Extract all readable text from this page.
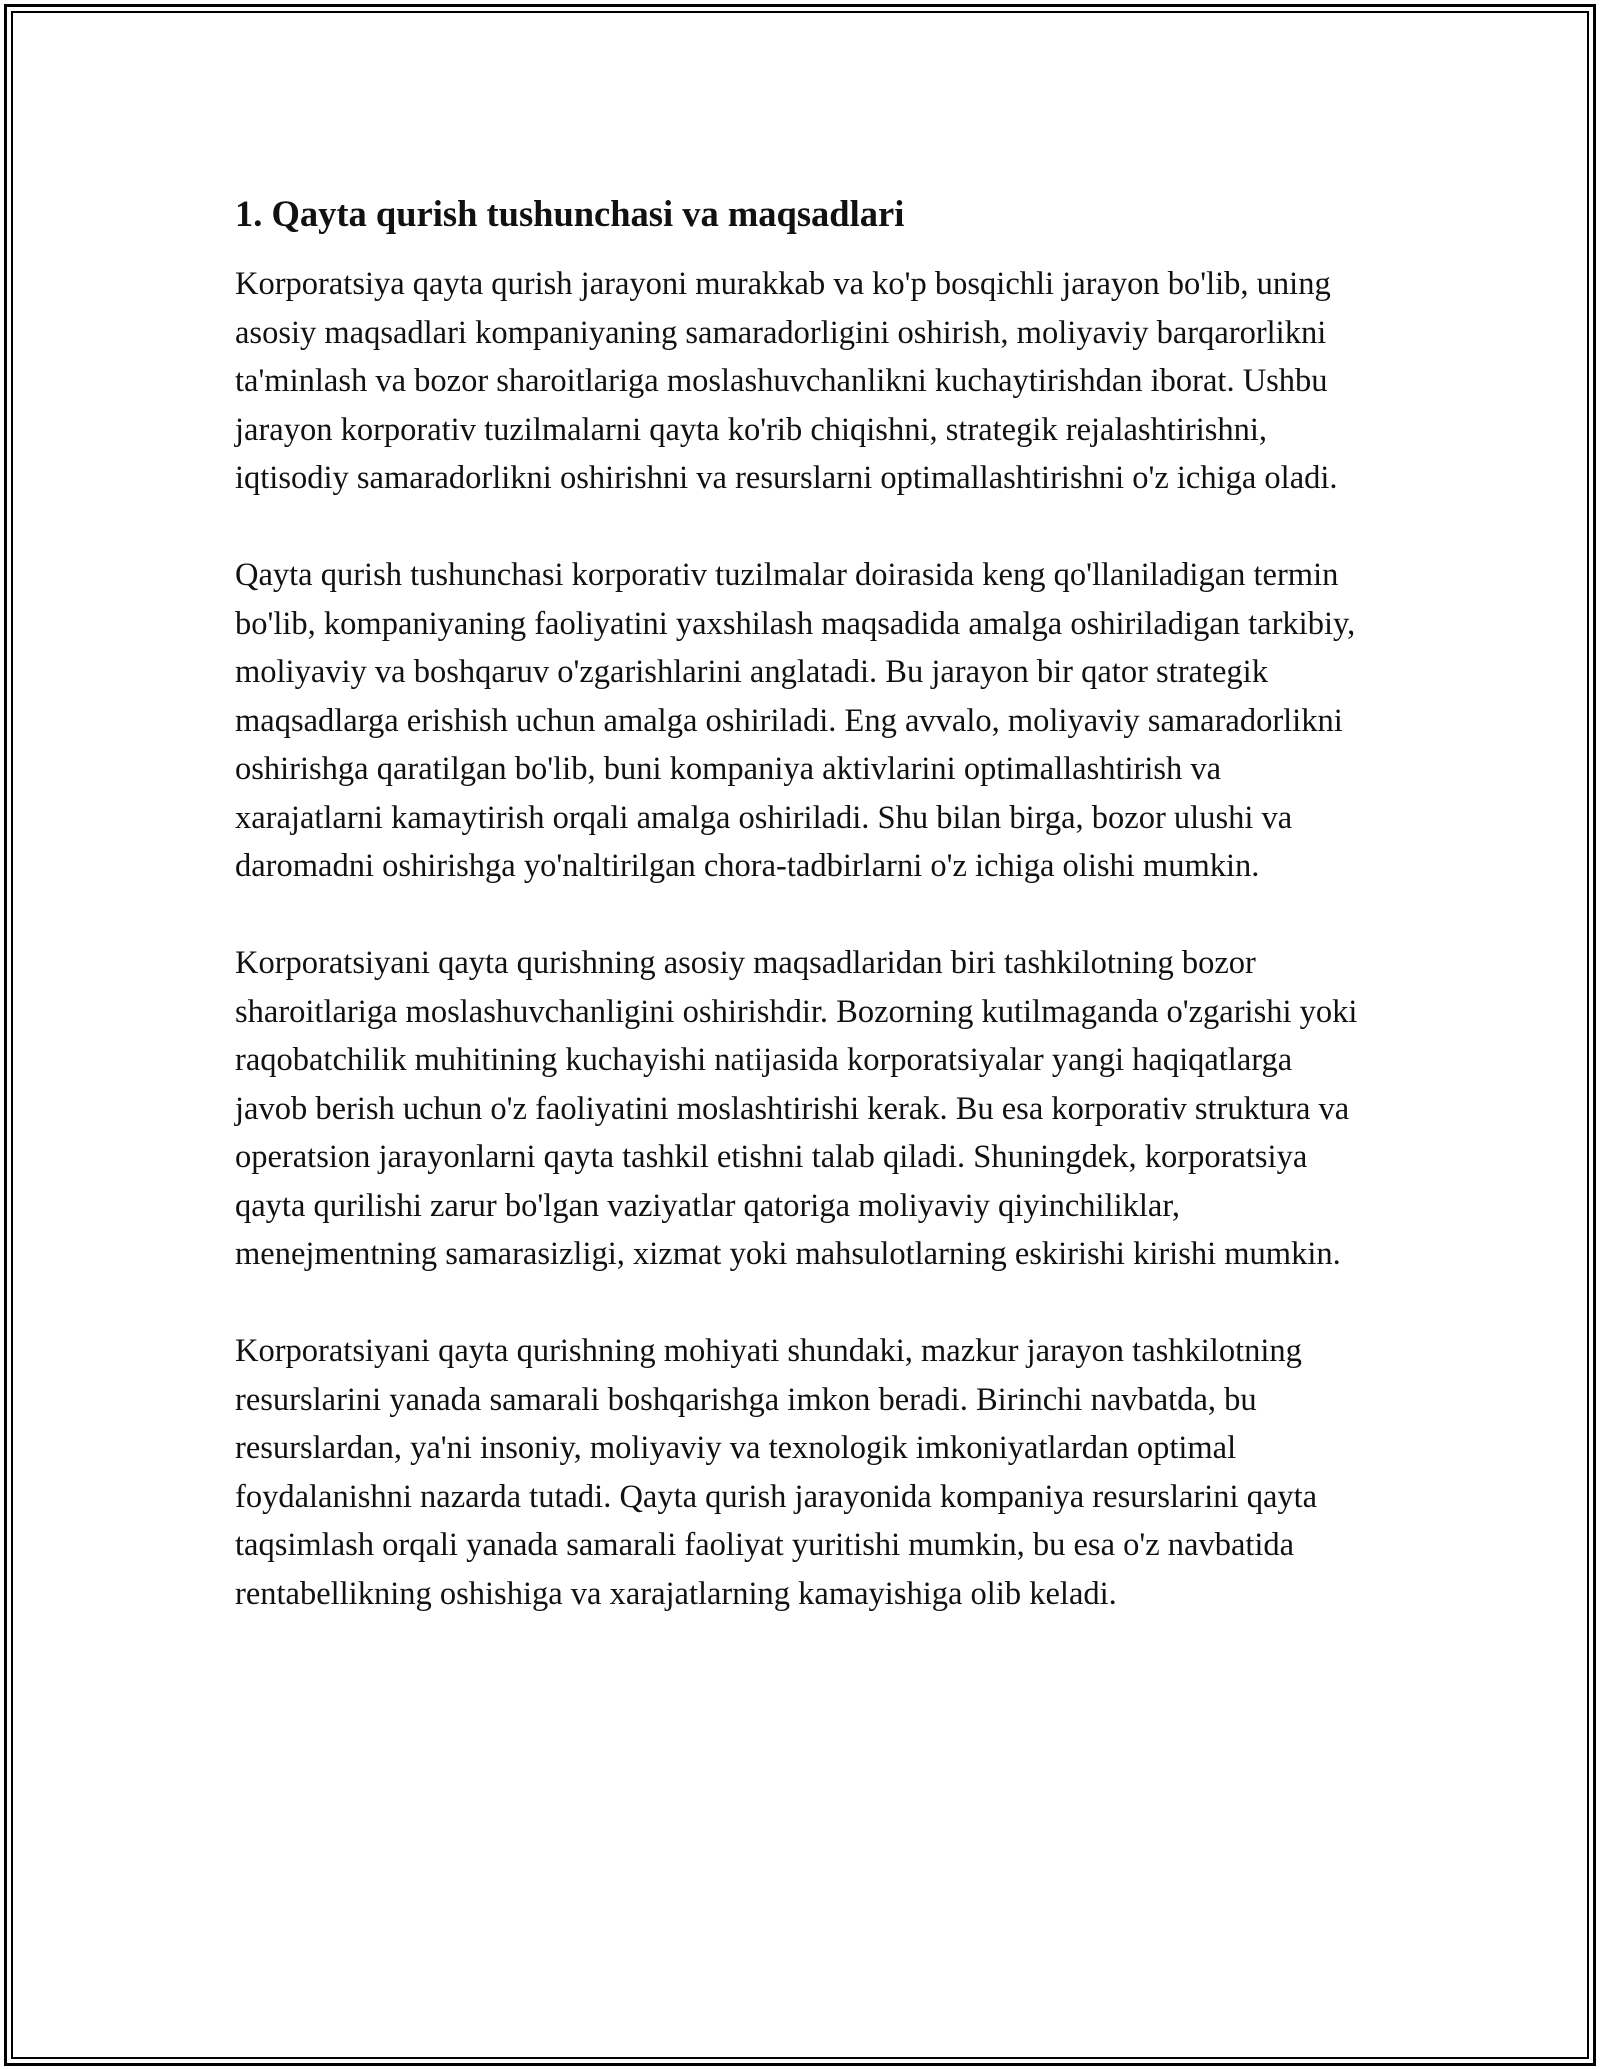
1. Qayta qurish tushunchasi va maqsadlari

Korporatsiya qayta qurish jarayoni murakkab va ko'p bosqichli jarayon bo'lib, uning asosiy maqsadlari kompaniyaning samaradorligini oshirish, moliyaviy barqarorlikni ta'minlash va bozor sharoitlariga moslashuvchanlikni kuchaytirishdan iborat. Ushbu jarayon korporativ tuzilmalarni qayta ko'rib chiqishni, strategik rejalashtirishni, iqtisodiy samaradorlikni oshirishni va resurslarni optimallashtirishni o'z ichiga oladi.

Qayta qurish tushunchasi korporativ tuzilmalar doirasida keng qo'llaniladigan termin bo'lib, kompaniyaning faoliyatini yaxshilash maqsadida amalga oshiriladigan tarkibiy, moliyaviy va boshqaruv o'zgarishlarini anglatadi. Bu jarayon bir qator strategik maqsadlarga erishish uchun amalga oshiriladi. Eng avvalo, moliyaviy samaradorlikni oshirishga qaratilgan bo'lib, buni kompaniya aktivlarini optimallashtirish va xarajatlarni kamaytirish orqali amalga oshiriladi. Shu bilan birga, bozor ulushi va daromadni oshirishga yo'naltirilgan chora-tadbirlarni o'z ichiga olishi mumkin.

Korporatsiyani qayta qurishning asosiy maqsadlaridan biri tashkilotning bozor sharoitlariga moslashuvchanligini oshirishdir. Bozorning kutilmaganda o'zgarishi yoki raqobatchilik muhitining kuchayishi natijasida korporatsiyalar yangi haqiqatlarga javob berish uchun o'z faoliyatini moslashtirishi kerak. Bu esa korporativ struktura va operatsion jarayonlarni qayta tashkil etishni talab qiladi. Shuningdek, korporatsiya qayta qurilishi zarur bo'lgan vaziyatlar qatoriga moliyaviy qiyinchiliklar, menejmentning samarasizligi, xizmat yoki mahsulotlarning eskirishi kirishi mumkin.

Korporatsiyani qayta qurishning mohiyati shundaki, mazkur jarayon tashkilotning resurslarini yanada samarali boshqarishga imkon beradi. Birinchi navbatda, bu resurslardan, ya'ni insoniy, moliyaviy va texnologik imkoniyatlardan optimal foydalanishni nazarda tutadi. Qayta qurish jarayonida kompaniya resurslarini qayta taqsimlash orqali yanada samarali faoliyat yuritishi mumkin, bu esa o'z navbatida rentabellikning oshishiga va xarajatlarning kamayishiga olib keladi.
